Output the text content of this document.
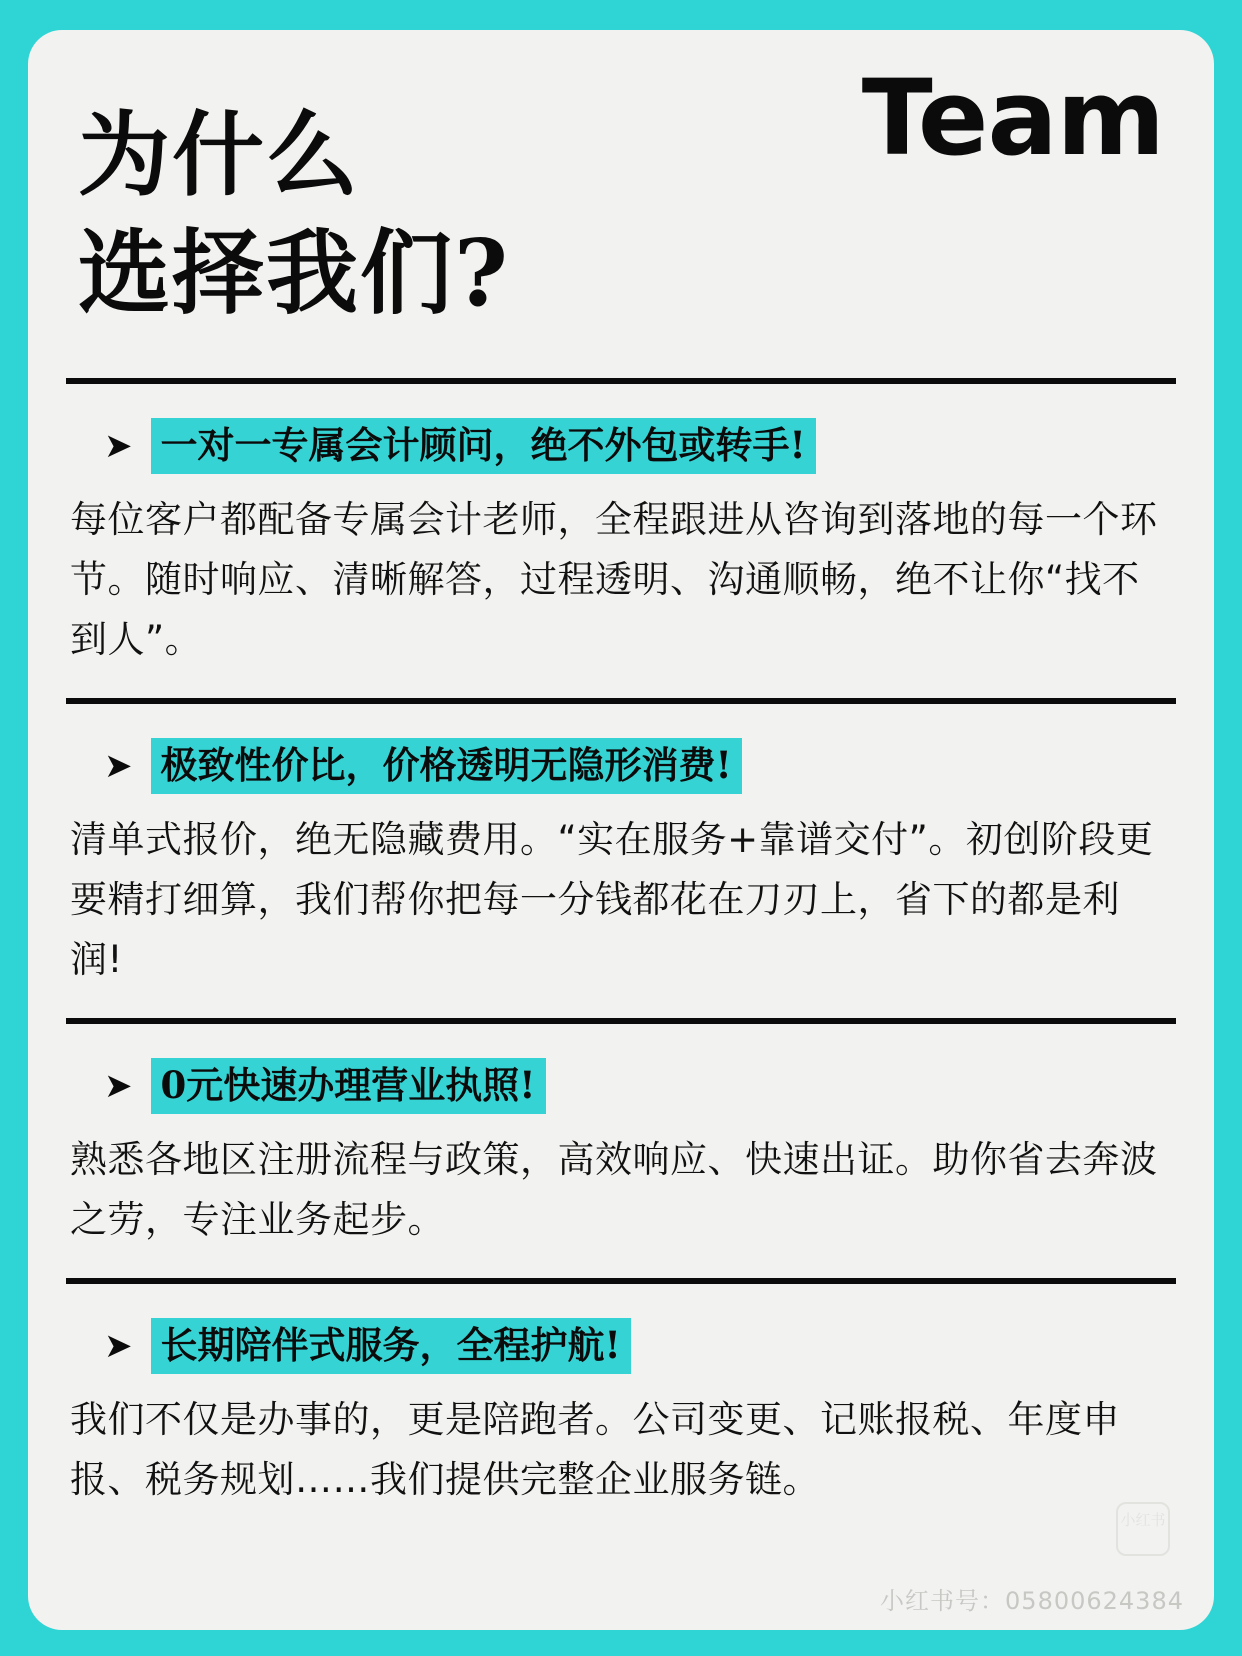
为什么
选择我们?
Team
➤ 一对一专属会计顾问，绝不外包或转手!
每位客户都配备专属会计老师，全程跟进从咨询到落地的每一个环节。随时响应、清晰解答，过程透明、沟通顺畅，绝不让你“找不到人”。
➤ 极致性价比，价格透明无隐形消费!
清单式报价，绝无隐藏费用。“实在服务+靠谱交付”。初创阶段更要精打细算，我们帮你把每一分钱都花在刀刃上，省下的都是利润!
➤ 0元快速办理营业执照!
熟悉各地区注册流程与政策，高效响应、快速出证。助你省去奔波之劳，专注业务起步。
➤ 长期陪伴式服务，全程护航!
我们不仅是办事的，更是陪跑者。公司变更、记账报税、年度申报、税务规划……我们提供完整企业服务链。
小红书
小红书号：05800624384
